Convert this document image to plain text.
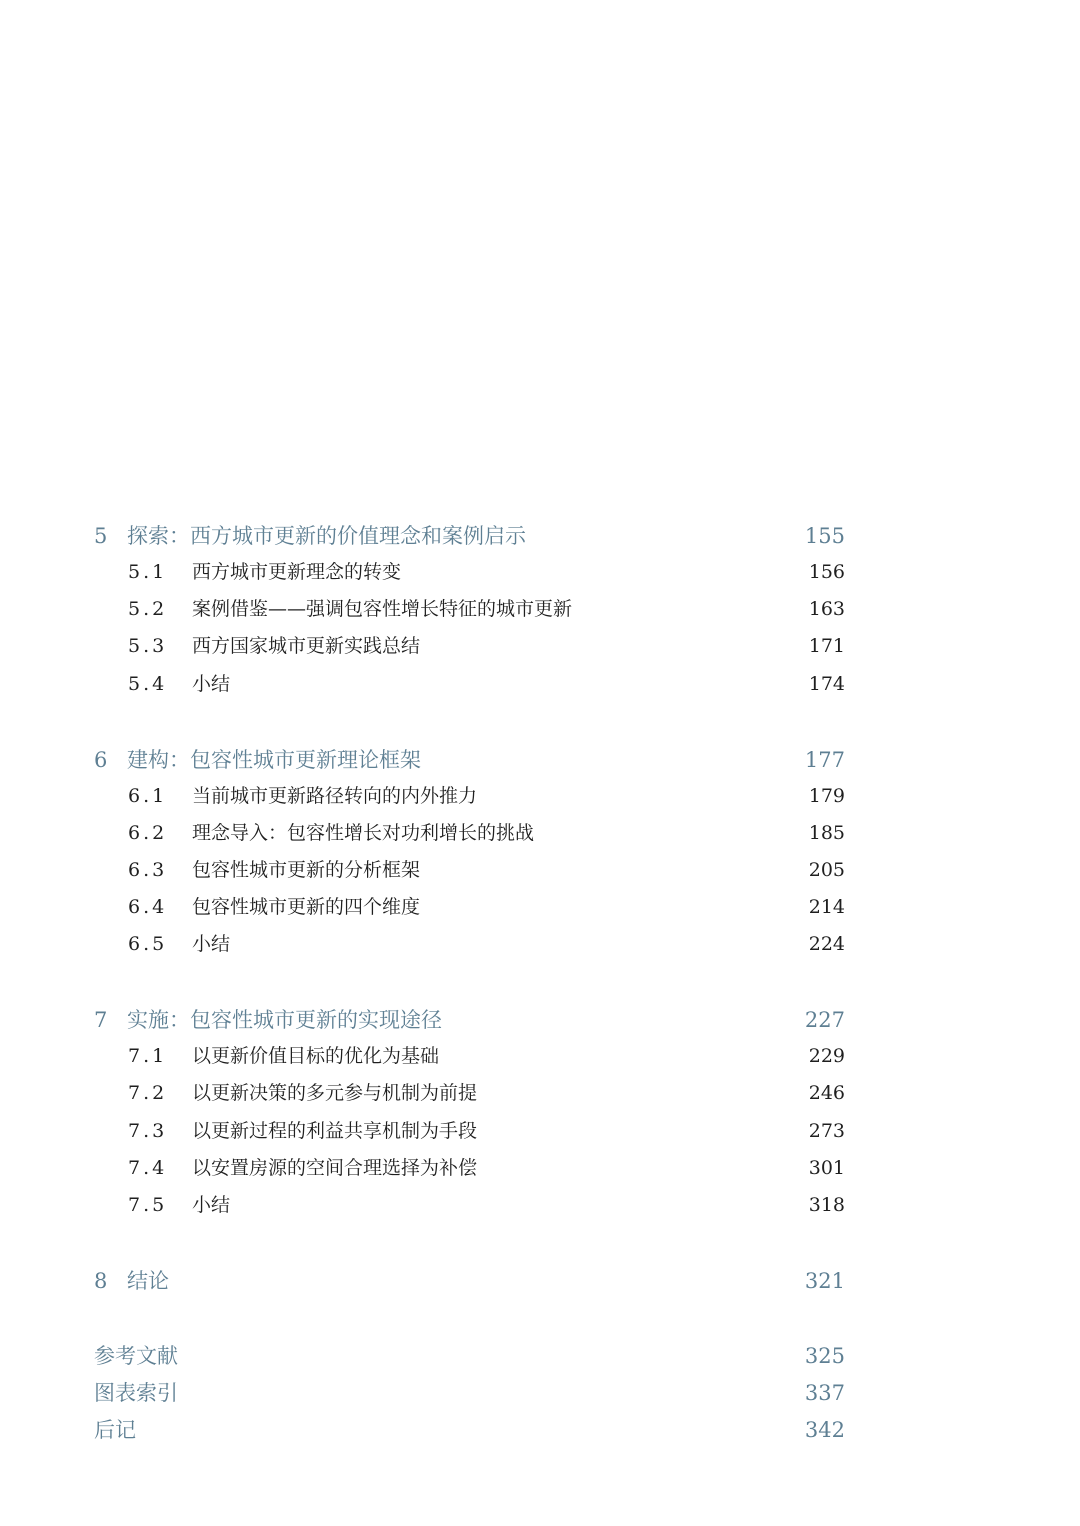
5 探索：西方城市更新的价值理念和案例启示	155
5.1 西方城市更新理念的转变	156
5.2 案例借鉴——强调包容性增长特征的城市更新	163
5.3 西方国家城市更新实践总结	171
5.4 小结	174
6 建构：包容性城市更新理论框架	177
6.1 当前城市更新路径转向的内外推力	179
6.2 理念导入：包容性增长对功利增长的挑战	185
6.3 包容性城市更新的分析框架	205
6.4 包容性城市更新的四个维度	214
6.5 小结	224
7 实施：包容性城市更新的实现途径	227
7.1 以更新价值目标的优化为基础	229
7.2 以更新决策的多元参与机制为前提	246
7.3 以更新过程的利益共享机制为手段	273
7.4 以安置房源的空间合理选择为补偿	301
7.5 小结	318
8 结论	321
参考文献	325
图表索引	337
后记	342
